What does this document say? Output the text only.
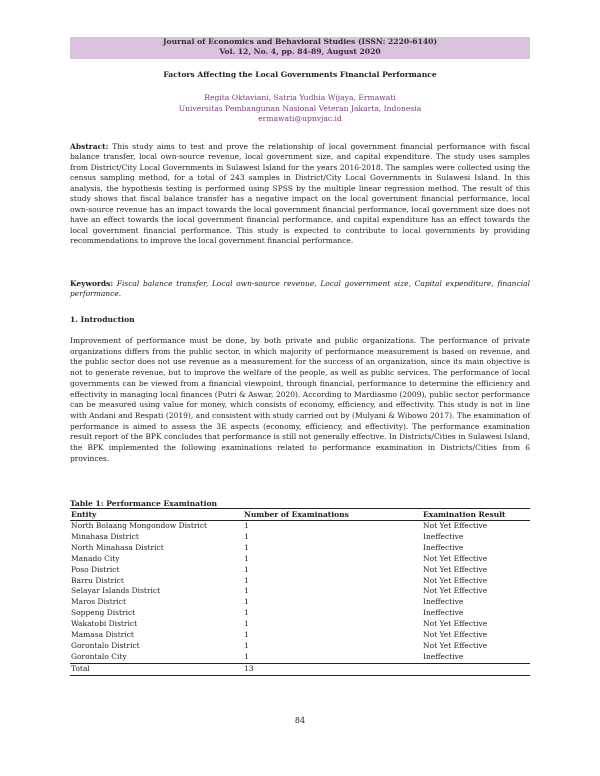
Journal of Economics and Behavioral Studies (ISSN: 2220-6140)
Vol. 12, No. 4, pp. 84-89, August 2020
Factors Affecting the Local Governments Financial Performance
Regita Oktaviani, Satria Yudhia Wijaya, Ermawati
Universitas Pembangunan Nasional Veteran Jakarta, Indonesia
ermawati@upnvjac.id
Abstract: This study aims to test and prove the relationship of local government financial performance with fiscal balance transfer, local own-source revenue, local government size, and capital expenditure. The study uses samples from District/City Local Governments in Sulawesi Island for the years 2016-2018. The samples were collected using the census sampling method, for a total of 243 samples in District/City Local Governments in Sulawesi Island. In this analysis, the hypothesis testing is performed using SPSS by the multiple linear regression method. The result of this study shows that fiscal balance transfer has a negative impact on the local government financial performance, local own-source revenue has an impact towards the local government financial performance, local government size does not have an effect towards the local government financial performance, and capital expenditure has an effect towards the local government financial performance. This study is expected to contribute to local governments by providing recommendations to improve the local government financial performance.
Keywords: Fiscal balance transfer, Local own-source revenue, Local government size, Capital expenditure, financial performance.
1. Introduction
Improvement of performance must be done, by both private and public organizations. The performance of private organizations differs from the public sector, in which majority of performance measurement is based on revenue, and the public sector does not use revenue as a measurement for the success of an organization, since its main objective is not to generate revenue, but to improve the welfare of the people, as well as public services. The performance of local governments can be viewed from a financial viewpoint, through financial, performance to determine the efficiency and effectivity in managing local finances (Putri & Aswar, 2020). According to Mardiasmo (2009), public sector performance can be measured using value for money, which consists of economy, efficiency, and effectivity. This study is not in line with Andani and Respati (2019), and consistent with study carried out by (Mulyani & Wibowo 2017). The examination of performance is aimed to assess the 3E aspects (economy, efficiency, and effectivity). The performance examination result report of the BPK concludes that performance is still not generally effective. In Districts/Cities in Sulawesi Island, the BPK implemented the following examinations related to performance examination in Districts/Cities from 6 provinces.
Table 1: Performance Examination
Entity	Number of Examinations	Examination Result
North Bolaang Mongondow District	1	Not Yet Effective
Minahasa District	1	Ineffective
North Minahasa District	1	Ineffective
Manado City	1	Not Yet Effective
Poso District	1	Not Yet Effective
Barru District	1	Not Yet Effective
Selayar Islands District	1	Not Yet Effective
Maros District	1	Ineffective
Soppeng District	1	Ineffective
Wakatobi District	1	Not Yet Effective
Mamasa District	1	Not Yet Effective
Gorontalo District	1	Not Yet Effective
Gorontalo City	1	Ineffective
Total	13	
84
